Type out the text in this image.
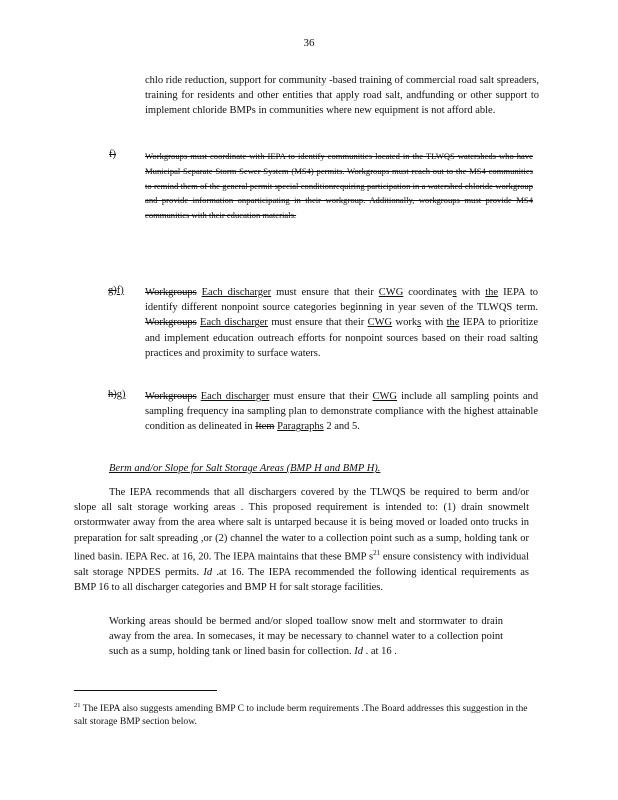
36
chlo ride reduction, support for community -based training of commercial road salt spreaders, training for residents and other entities that apply road salt, andfunding or other support to implement chloride BMPs in communities where new equipment is not afford able.
f)	Workgroups must coordinate with IEPA to identify communities located in the TLWQS watersheds who have Municipal Separate Storm Sewer System (MS4) permits. Workgroups must reach out to the MS4 communities to remind them of the general permit special conditionrequiring participation in a watershed chloride workgroup and provide information onparticipating in their workgroup. Additionally, workgroups must provide MS4 communities with their education materials.
g)f) Workgroups Each discharger must ensure that their CWG coordinates with the IEPA to identify different nonpoint source categories beginning in year seven of the TLWQS term. Workgroups Each discharger must ensure that their CWG works with the IEPA to prioritize and implement education outreach efforts for nonpoint sources based on their road salting practices and proximity to surface waters.
h)g) Workgroups Each discharger must ensure that their CWG include all sampling points and sampling frequency ina sampling plan to demonstrate compliance with the highest attainable condition as delineated in Item Paragraphs 2 and 5.
Berm and/or Slope for Salt Storage Areas (BMP H and BMP H).
The IEPA recommends that all dischargers covered by the TLWQS be required to berm and/or slope all salt storage working areas . This proposed requirement is intended to: (1) drain snowmelt orstormwater away from the area where salt is untarped because it is being moved or loaded onto trucks in preparation for salt spreading ,or (2) channel the water to a collection point such as a sump, holding tank or lined basin. IEPA Rec. at 16, 20. The IEPA maintains that these BMP $s^{21}$ ensure consistency with individual salt storage NPDES permits. Id .at 16. The IEPA recommended the following identical requirements as BMP 16 to all discharger categories and BMP H for salt storage facilities.
Working areas should be bermed and/or sloped toallow snow melt and stormwater to drain away from the area. In somecases, it may be necessary to channel water to a collection point such as a sump, holding tank or lined basin for collection. Id . at 16 .
$^{21}$ The IEPA also suggests amending BMP C to include berm requirements .The Board addresses this suggestion in the salt storage BMP section below.
